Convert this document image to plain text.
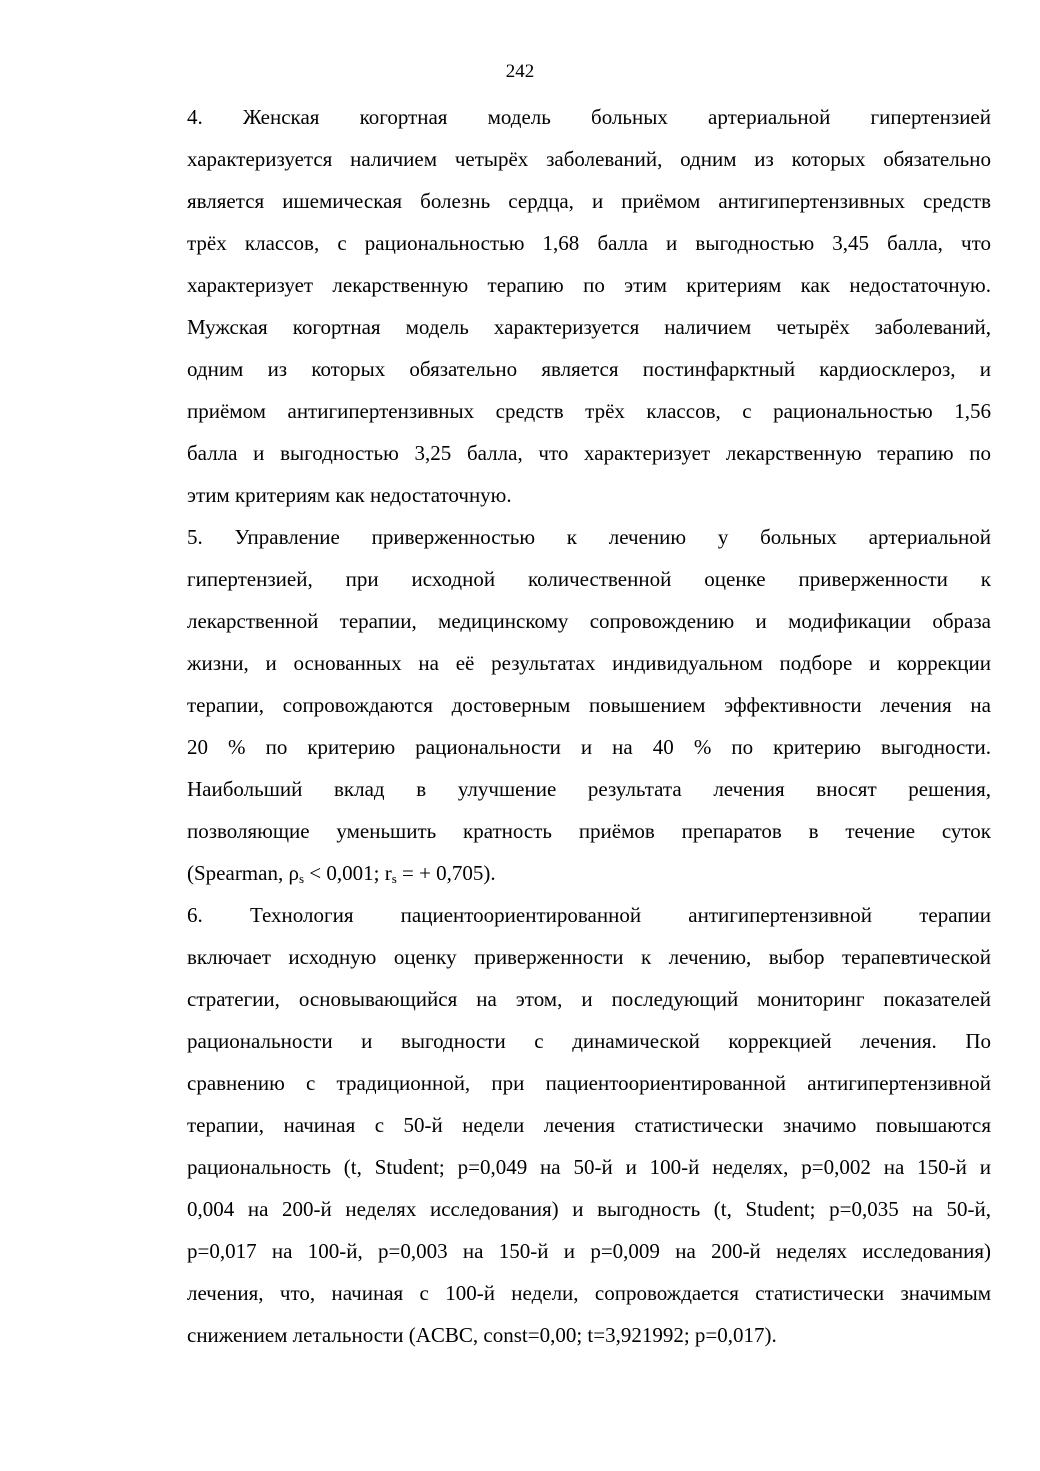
242

4. Женская когортная модель больных артериальной гипертензией
характеризуется наличием четырёх заболеваний, одним из которых обязательно
является ишемическая болезнь сердца, и приёмом антигипертензивных средств
трёх классов, с рациональностью 1,68 балла и выгодностью 3,45 балла, что
характеризует лекарственную терапию по этим критериям как недостаточную.
Мужская когортная модель характеризуется наличием четырёх заболеваний,
одним из которых обязательно является постинфарктный кардиосклероз, и
приёмом антигипертензивных средств трёх классов, с рациональностью 1,56
балла и выгодностью 3,25 балла, что характеризует лекарственную терапию по
этим критериям как недостаточную.

5. Управление приверженностью к лечению у больных артериальной
гипертензией, при исходной количественной оценке приверженности к
лекарственной терапии, медицинскому сопровождению и модификации образа
жизни, и основанных на её результатах индивидуальном подборе и коррекции
терапии, сопровождаются достоверным повышением эффективности лечения на
20 % по критерию рациональности и на 40 % по критерию выгодности.
Наибольший вклад в улучшение результата лечения вносят решения,
позволяющие уменьшить кратность приёмов препаратов в течение суток
(Spearman, $\rho_s < 0,001$; $r_s$ = + 0,705).

6. Технология пациентоориентированной антигипертензивной терапии
включает исходную оценку приверженности к лечению, выбор терапевтической
стратегии, основывающийся на этом, и последующий мониторинг показателей
рациональности и выгодности с динамической коррекцией лечения. По
сравнению с традиционной, при пациентоориентированной антигипертензивной
терапии, начиная с 50-й недели лечения статистически значимо повышаются
рациональность (t, Student; p=0,049 на 50-й и 100-й неделях, p=0,002 на 150-й и
0,004 на 200-й неделях исследования) и выгодность (t, Student; p=0,035 на 50-й,
p=0,017 на 100-й, p=0,003 на 150-й и p=0,009 на 200-й неделях исследования)
лечения, что, начиная с 100-й недели, сопровождается статистически значимым
снижением летальности (ACBC, const=0,00; t=3,921992; p=0,017).
